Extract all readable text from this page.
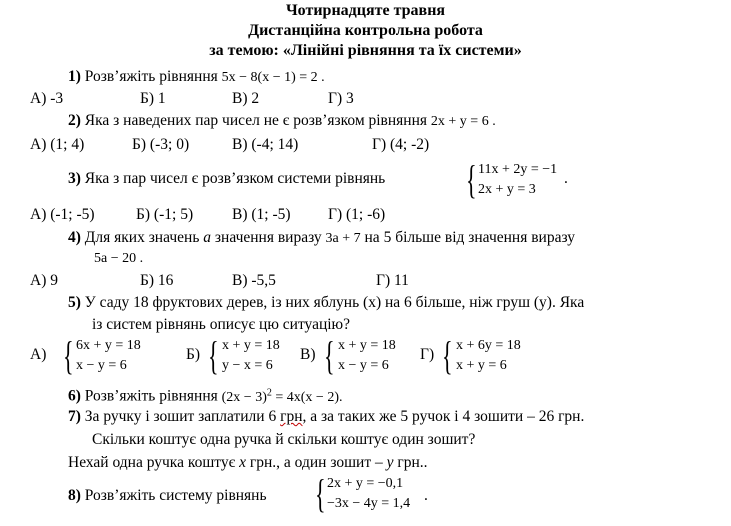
Чотирнадцяте травня
Дистанційна контрольна робота
за темою: «Лінійні рівняння та їх системи»
1) Розв’яжіть рівняння 5x − 8(x − 1) = 2 .
А) -3	Б) 1	В) 2	Г) 3
2) Яка з наведених пар чисел не є розв’язком рівняння 2x + y = 6 .
А) (1; 4)	Б) (-3; 0)	В) (-4; 14)	Г) (4; -2)
3) Яка з пар чисел є розв’язком системи рівнянь { 11x + 2y = −1
2x + y = 3
.
А) (-1; -5)	Б) (-1; 5)	В) (1; -5) Г) (1; -6)
4) Для яких значень a значення виразу 3a + 7 на 5 більше від значення виразу
5a − 20 .
А) 9	Б) 16	В) -5,5	Г) 11
5) У саду 18 фруктових дерев, із них яблунь (x) на 6 більше, ніж груш (y). Яка
із систем рівнянь описує цю ситуацію?
А) { 6x + y = 18
x − y = 6
Б) { x + y = 18
y − x = 6
В) { x + y = 18
x − y = 6
Г) { x + 6y = 18
x + y = 6
6) Розв’яжіть рівняння $(2x - 3)^2 = 4x(x - 2)$.
7) За ручку і зошит заплатили 6 грн, а за таких же 5 ручок і 4 зошити – 26 грн.
Скільки коштує одна ручка й скільки коштує один зошит?
Нехай одна ручка коштує x грн., а один зошит – y грн..
8) Розв’яжіть систему рівнянь { 2x + y = −0,1
−3x − 4y = 1,4 .
